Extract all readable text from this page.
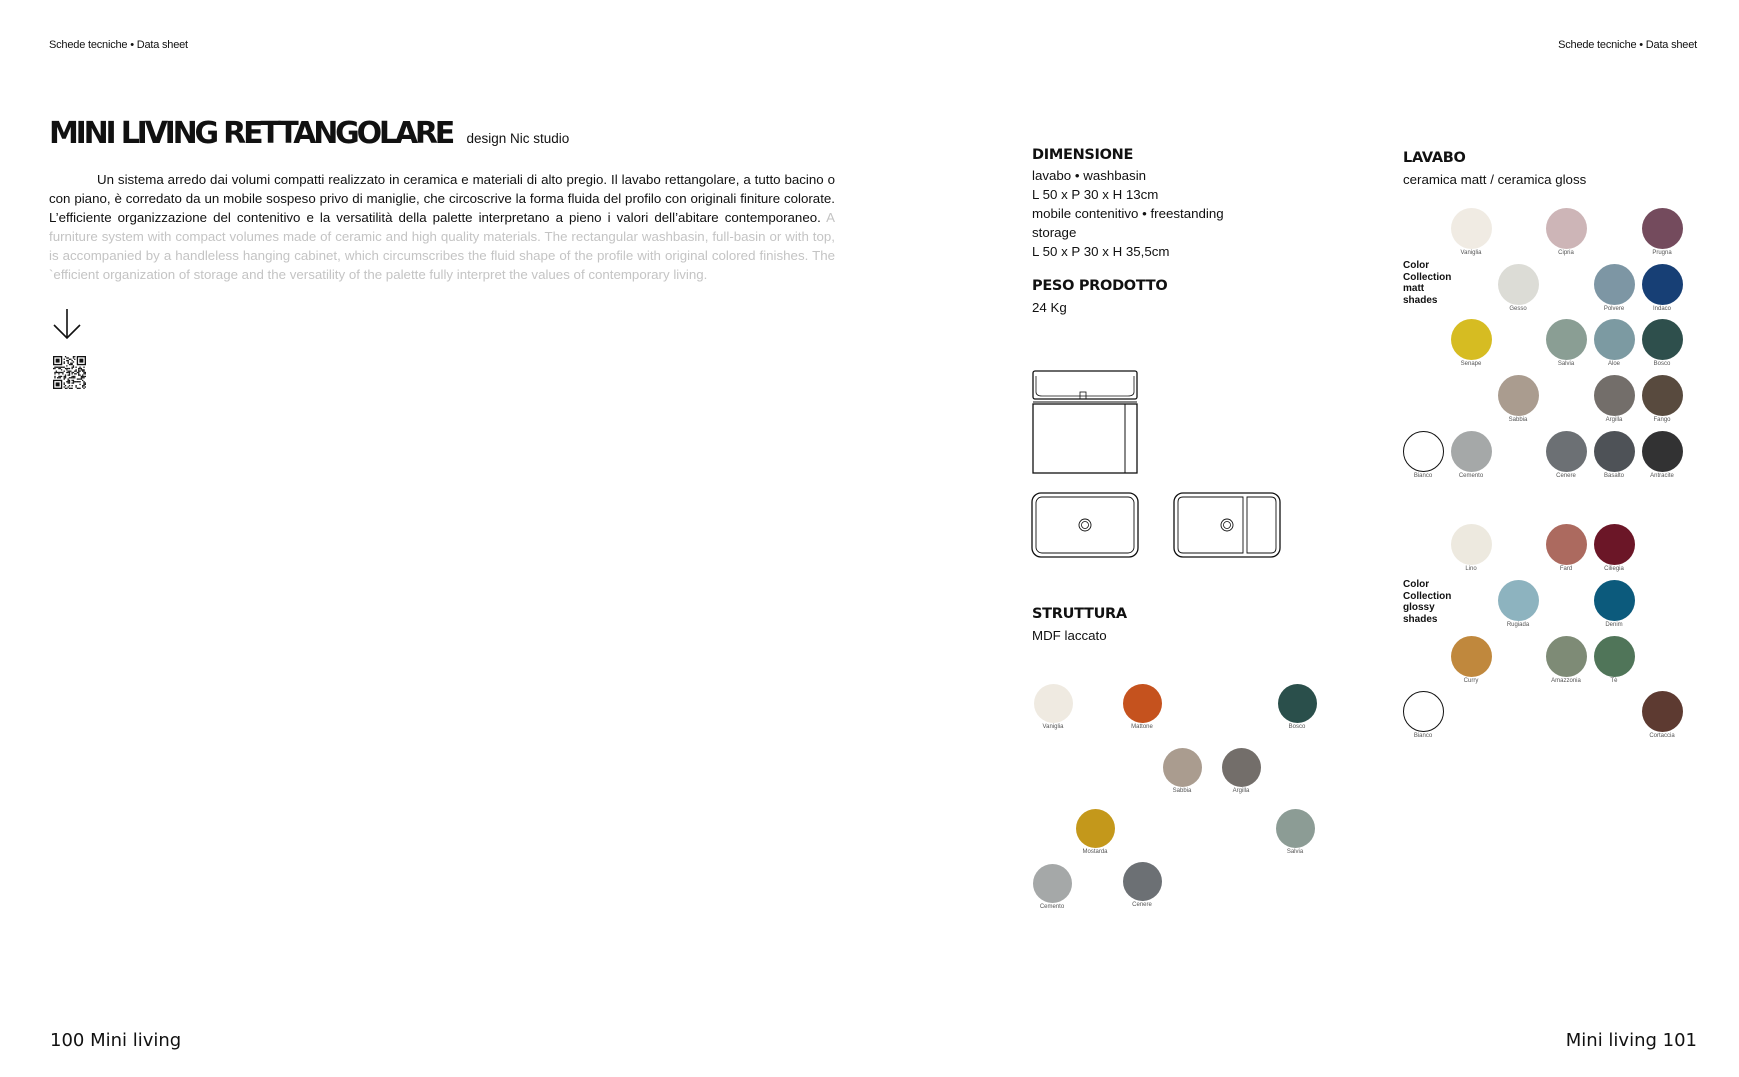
Schede tecniche • Data sheet	Schede tecniche • Data sheet
MINI LIVING RETTANGOLARE design Nic studio
Un sistema arredo dai volumi compatti realizzato in ceramica e materiali di alto pregio. Il lavabo rettangolare, a tutto bacino o con piano, è corredato da un mobile sospeso privo di maniglie, che circoscrive la forma fluida del profilo con originali finiture colorate. L’efficiente organizzazione del contenitivo e la versatilità della palette interpretano a pieno i valori dell’abitare contemporaneo. A furniture system with compact volumes made of ceramic and high quality materials. The rectangular washbasin, full-basin or with top, is accompanied by a handleless hanging cabinet, which circumscribes the fluid shape of the profile with original colored finishes. The `efficient organization of storage and the versatility of the palette fully interpret the values of contemporary living.
DIMENSIONE
lavabo • washbasin
L 50 x P 30 x H 13cm
mobile contenitivo • freestanding
storage
L 50 x P 30 x H 35,5cm
PESO PRODOTTO
24 Kg
STRUTTURA
MDF laccato
Vaniglia	Mattone	Bosco
Sabbia	Argilla
Mostarda	Salvia
Cemento	Cenere
LAVABO
ceramica matt / ceramica gloss
Color
Collection
matt
shades
Color
Collection
glossy
shades
Vaniglia	Cipria	Prugna
Gesso	Polvere	Indaco
Senape	Salvia	Aloe	Bosco
Sabbia	Argilla	Fango
Bianco	Cemento	Cenere	Basalto	Antracite
Lino	Fard	Ciliegia
Rugiada	Denim
Curry	Amazzonia	Tè
Bianco	Cortaccia
100 Mini living	Mini living 101
